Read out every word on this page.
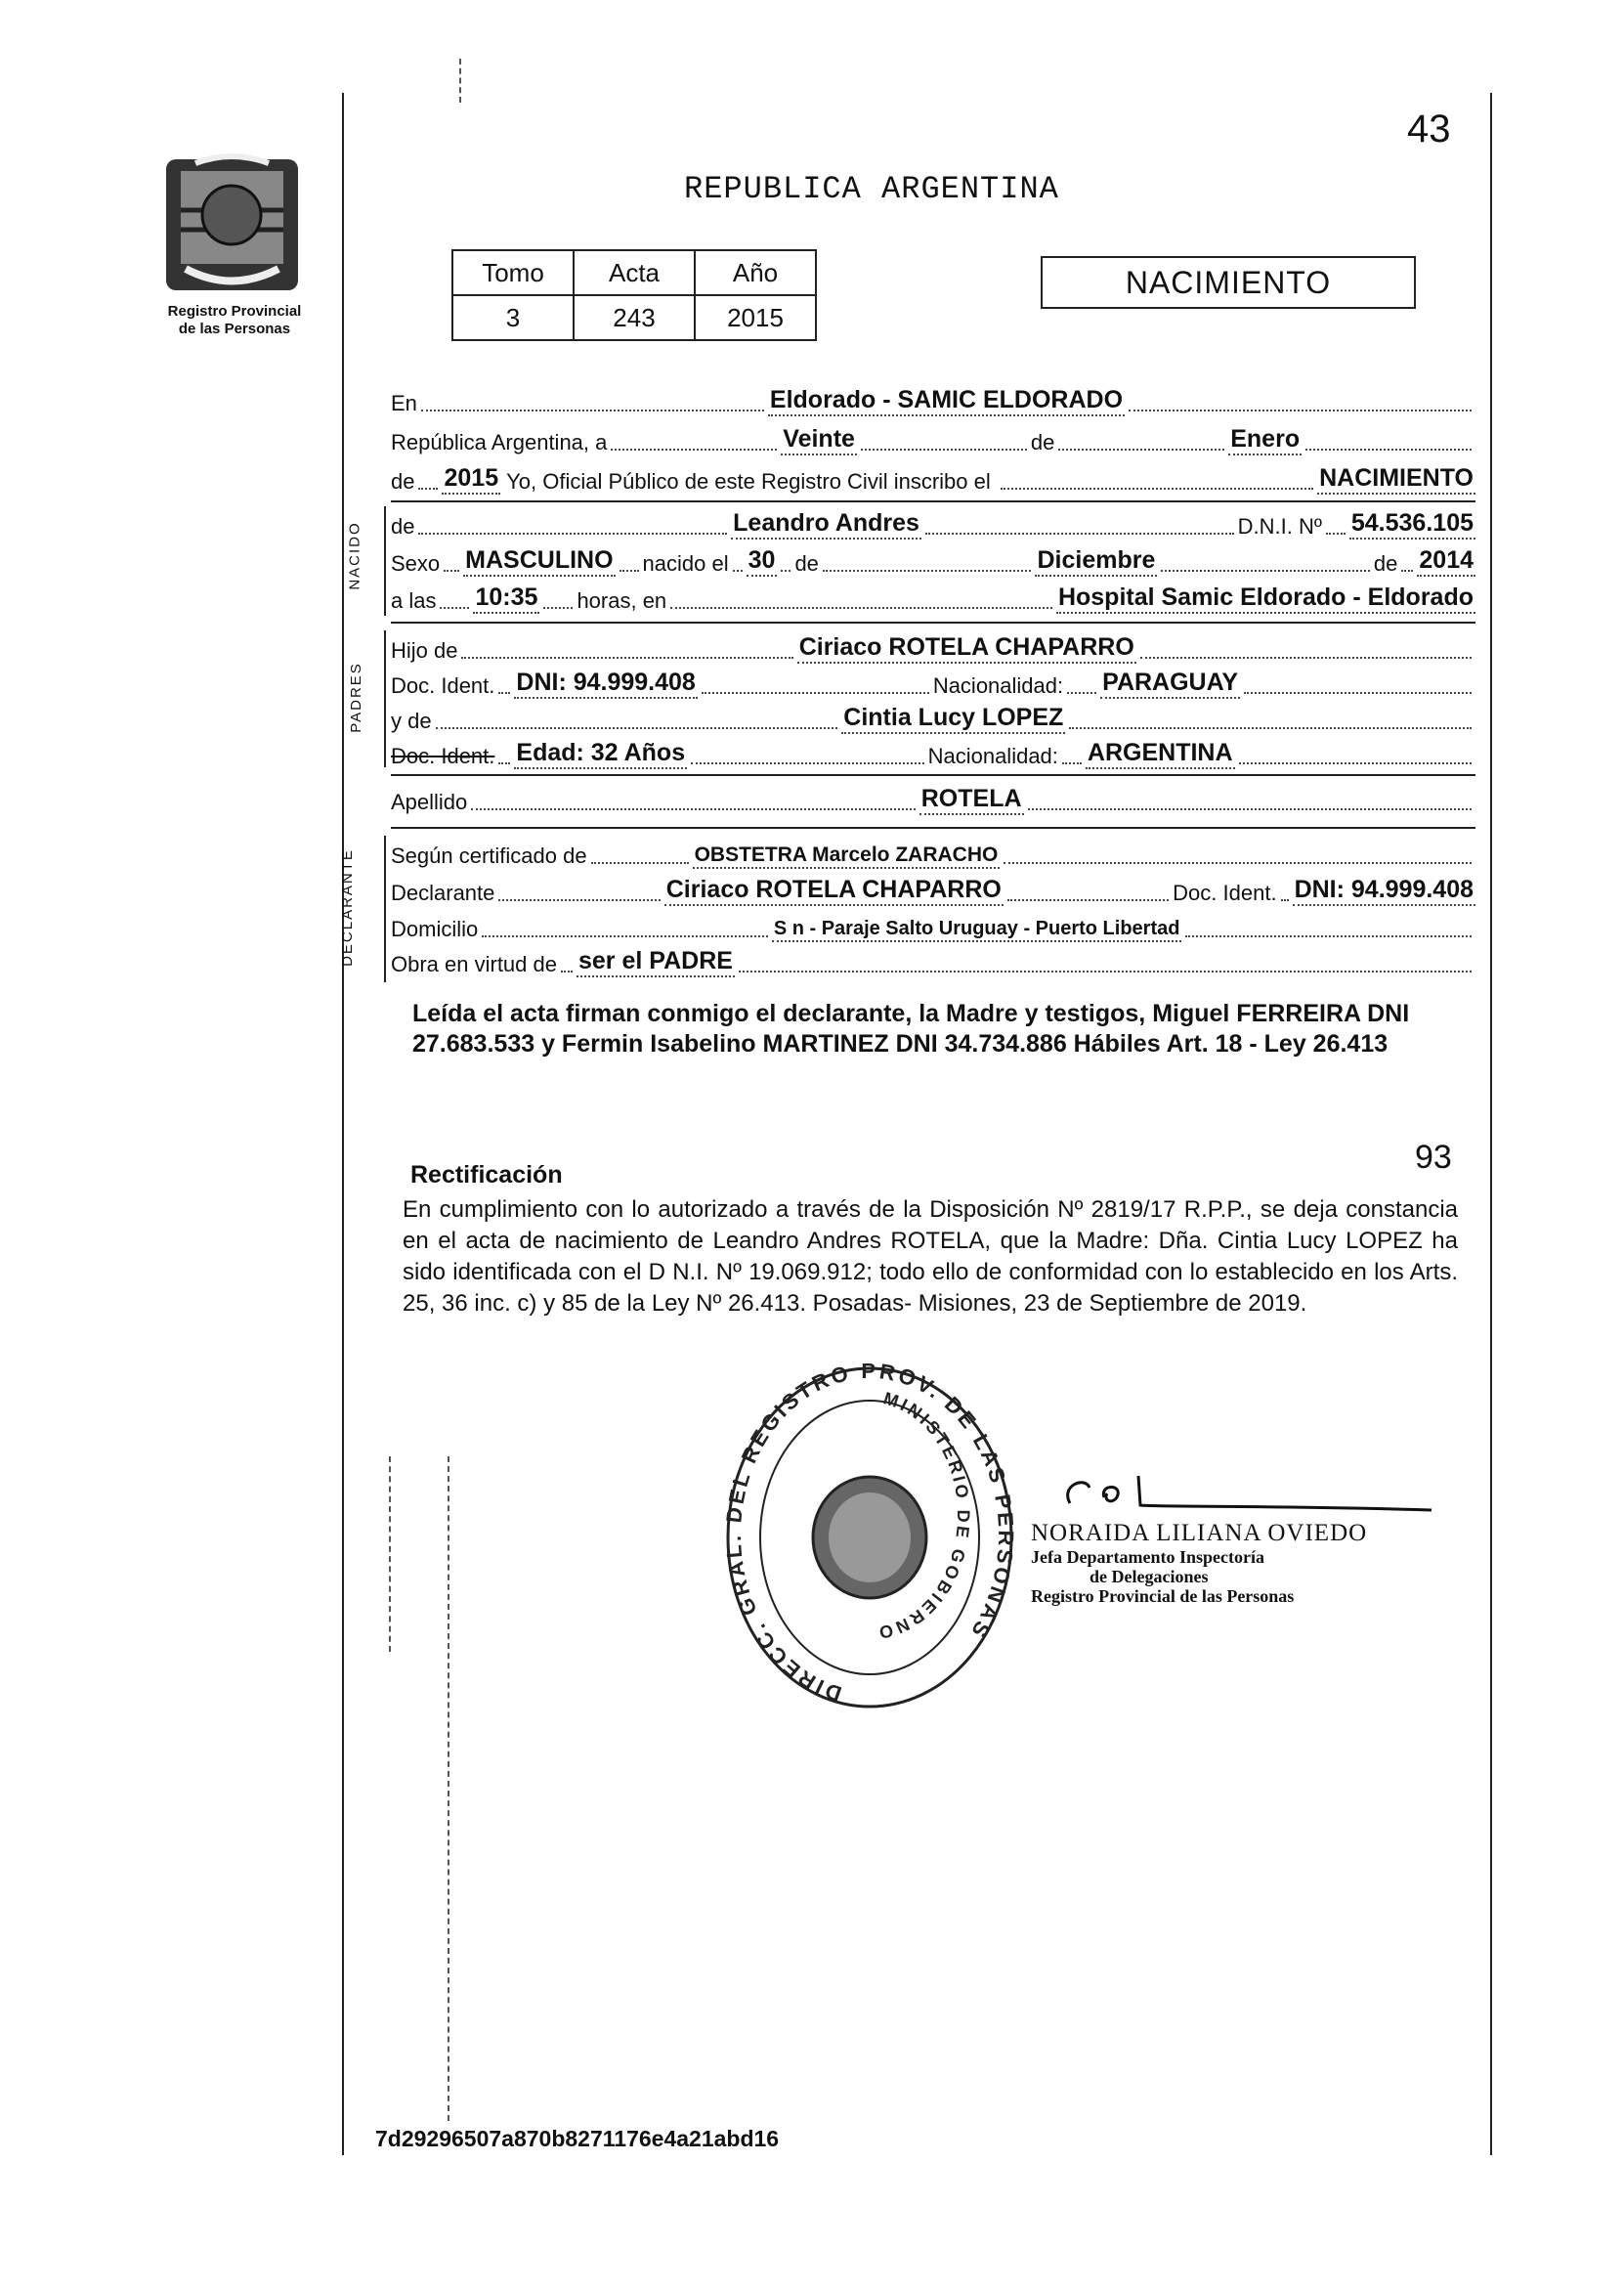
Registro Provincial
de las Personas
43
REPUBLICA ARGENTINA
Tomo	Acta	Año
3	243	2015
NACIMIENTO
En	Eldorado - SAMIC ELDORADO
República Argentina, a	Veinte	de	Enero
de 2015 Yo, Oficial Público de este Registro Civil inscribo el	NACIMIENTO
NACIDO de	Leandro Andres	D.N.I. Nº 54.536.105
Sexo MASCULINO nacido el 30 de	Diciembre	de 2014
a las 10:35 horas, en	Hospital Samic Eldorado - Eldorado
PADRES
Hijo de	Ciriaco ROTELA CHAPARRO
Doc. Ident. DNI: 94.999.408	Nacionalidad: PARAGUAY
y de	Cintia Lucy LOPEZ
Doc. Ident. Edad: 32 Años	Nacionalidad: ARGENTINA
Apellido	ROTELA
DECLARANTE Según certificado de	OBSTETRA Marcelo ZARACHO
Declarante	Ciriaco ROTELA CHAPARRO	Doc. Ident. DNI: 94.999.408
Domicilio	S n - Paraje Salto Uruguay - Puerto Libertad
Obra en virtud de ser el PADRE
Leída el acta firman conmigo el declarante, la Madre y testigos, Miguel FERREIRA DNI 27.683.533 y Fermin Isabelino MARTINEZ DNI 34.734.886 Hábiles Art. 18 - Ley 26.413
Rectificación	93
En cumplimiento con lo autorizado a través de la Disposición Nº 2819/17 R.P.P., se deja constancia en el acta de nacimiento de Leandro Andres ROTELA, que la Madre: Dña. Cintia Lucy LOPEZ ha sido identificada con el D N.I. Nº 19.069.912; todo ello de conformidad con lo establecido en los Arts. 25, 36 inc. c) y 85 de la Ley Nº 26.413. Posadas- Misiones, 23 de Septiembre de 2019.
DIRECC. GRAL. DEL REGISTRO PROV. DE LAS PERSONAS
MINISTERIO DE GOBIERNO
NORAIDA LILIANA OVIEDO
Jefa Departamento Inspectoría
de Delegaciones
Registro Provincial de las Personas
7d29296507a870b8271176e4a21abd16
